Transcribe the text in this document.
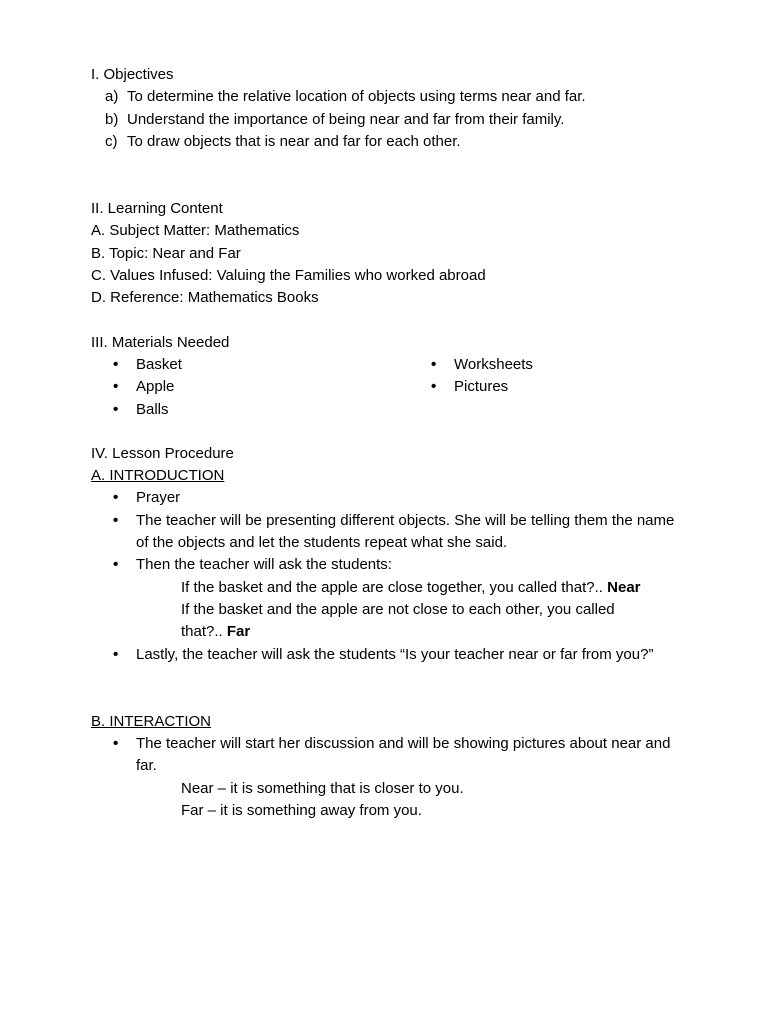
I. Objectives
a) To determine the relative location of objects using terms near and far.
b) Understand the importance of being near and far from their family.
c) To draw objects that is near and far for each other.
II. Learning Content
A. Subject Matter: Mathematics
B. Topic: Near and Far
C. Values Infused: Valuing the Families who worked abroad
D. Reference: Mathematics Books
III. Materials Needed
• Basket
• Apple
• Balls
• Worksheets
• Pictures
IV. Lesson Procedure
A. INTRODUCTION
• Prayer
• The teacher will be presenting different objects. She will be telling them the name of the objects and let the students repeat what she said.
• Then the teacher will ask the students:
If the basket and the apple are close together, you called that?.. Near
If the basket and the apple are not close to each other, you called that?.. Far
• Lastly, the teacher will ask the students “Is your teacher near or far from you?”
B. INTERACTION
• The teacher will start her discussion and will be showing pictures about near and far.
Near – it is something that is closer to you.
Far – it is something away from you.
